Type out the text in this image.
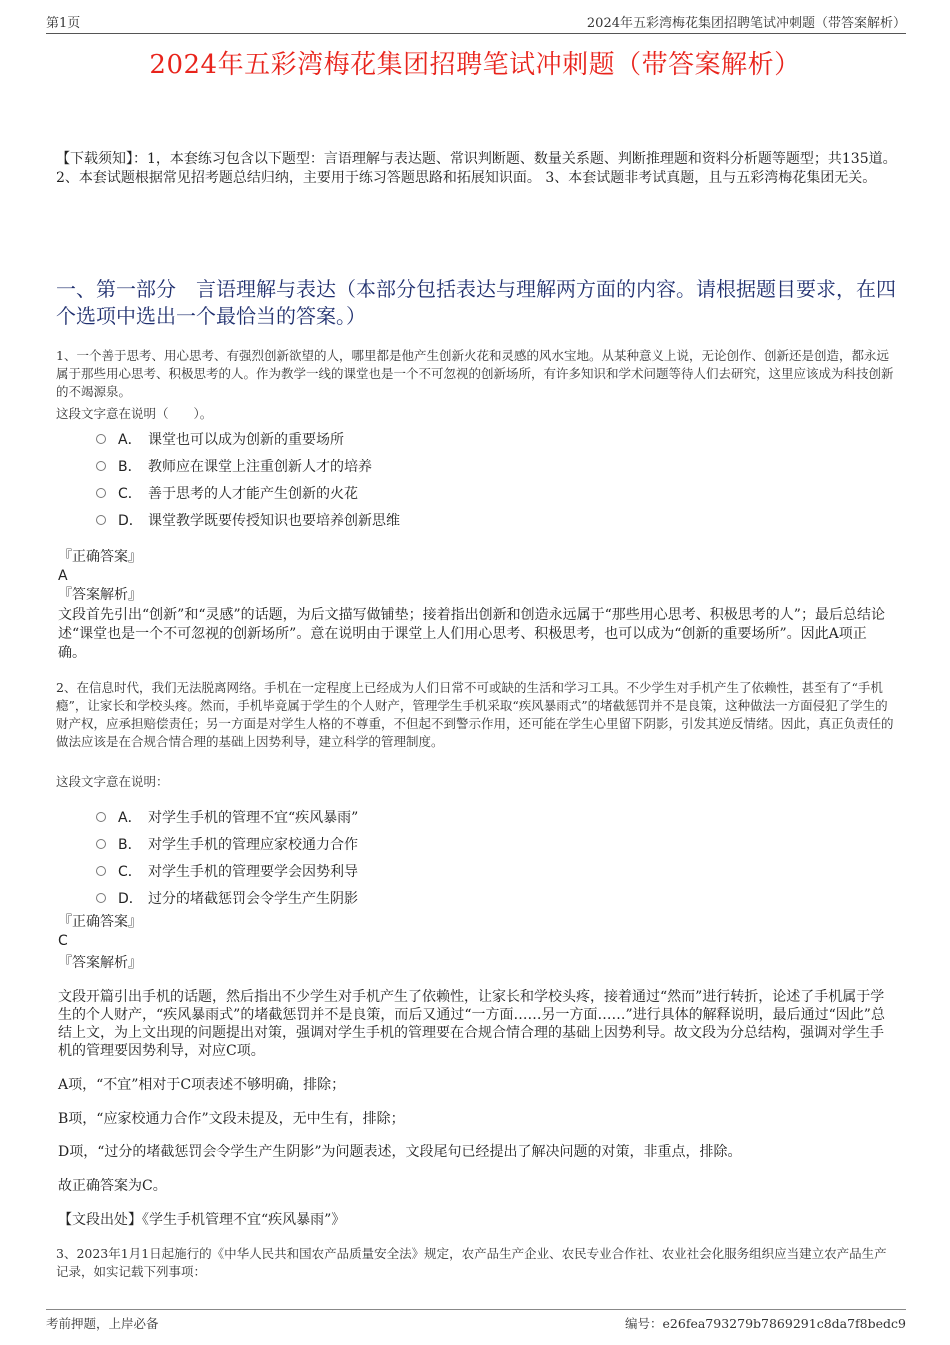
第1页	2024年五彩湾梅花集团招聘笔试冲刺题（带答案解析）
2024年五彩湾梅花集团招聘笔试冲刺题（带答案解析）
【下载须知】：1，本套练习包含以下题型：言语理解与表达题、常识判断题、数量关系题、判断推理题和资料分析题等题型；共135道。 2、本套试题根据常见招考题总结归纳，主要用于练习答题思路和拓展知识面。 3、本套试题非考试真题，且与五彩湾梅花集团无关。
一、第一部分　言语理解与表达（本部分包括表达与理解两方面的内容。请根据题目要求，在四个选项中选出一个最恰当的答案。）
1、一个善于思考、用心思考、有强烈创新欲望的人，哪里都是他产生创新火花和灵感的风水宝地。从某种意义上说，无论创作、创新还是创造，都永远属于那些用心思考、积极思考的人。作为教学一线的课堂也是一个不可忽视的创新场所，有许多知识和学术问题等待人们去研究，这里应该成为科技创新的不竭源泉。
这段文字意在说明（　　）。
A． 课堂也可以成为创新的重要场所
B． 教师应在课堂上注重创新人才的培养
C． 善于思考的人才能产生创新的火花
D． 课堂教学既要传授知识也要培养创新思维
『正确答案』
A
『答案解析』
文段首先引出“创新”和“灵感”的话题，为后文描写做铺垫；接着指出创新和创造永远属于“那些用心思考、积极思考的人”；最后总结论述“课堂也是一个不可忽视的创新场所”。意在说明由于课堂上人们用心思考、积极思考，也可以成为“创新的重要场所”。因此A项正确。
2、在信息时代，我们无法脱离网络。手机在一定程度上已经成为人们日常不可或缺的生活和学习工具。不少学生对手机产生了依赖性，甚至有了“手机瘾”，让家长和学校头疼。然而，手机毕竟属于学生的个人财产，管理学生手机采取“疾风暴雨式”的堵截惩罚并不是良策，这种做法一方面侵犯了学生的财产权，应承担赔偿责任；另一方面是对学生人格的不尊重，不但起不到警示作用，还可能在学生心里留下阴影，引发其逆反情绪。因此，真正负责任的做法应该是在合规合情合理的基础上因势利导，建立科学的管理制度。
这段文字意在说明：
A． 对学生手机的管理不宜“疾风暴雨”
B． 对学生手机的管理应家校通力合作
C． 对学生手机的管理要学会因势利导
D． 过分的堵截惩罚会令学生产生阴影
『正确答案』
C
『答案解析』
文段开篇引出手机的话题，然后指出不少学生对手机产生了依赖性，让家长和学校头疼，接着通过“然而”进行转折，论述了手机属于学生的个人财产，“疾风暴雨式”的堵截惩罚并不是良策，而后又通过“一方面……另一方面……”进行具体的解释说明，最后通过“因此”总结上文，为上文出现的问题提出对策，强调对学生手机的管理要在合规合情合理的基础上因势利导。故文段为分总结构，强调对学生手机的管理要因势利导，对应C项。
A项，“不宜”相对于C项表述不够明确，排除；
B项，“应家校通力合作”文段未提及，无中生有，排除；
D项，“过分的堵截惩罚会令学生产生阴影”为问题表述，文段尾句已经提出了解决问题的对策，非重点，排除。
故正确答案为C。
【文段出处】《学生手机管理不宜“疾风暴雨”》
3、2023年1月1日起施行的《中华人民共和国农产品质量安全法》规定，农产品生产企业、农民专业合作社、农业社会化服务组织应当建立农产品生产记录，如实记载下列事项：
考前押题，上岸必备	编号：e26fea793279b7869291c8da7f8bedc9
